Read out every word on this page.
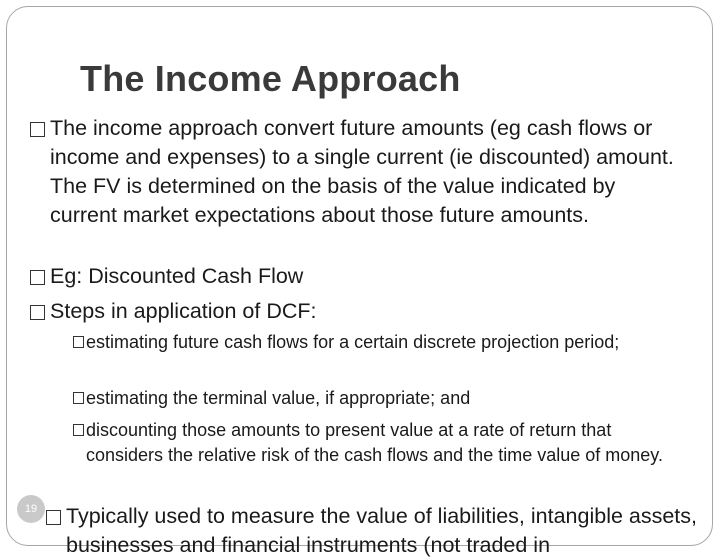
The Income Approach
The income approach convert future amounts (eg cash flows or income and expenses) to a single current (ie discounted) amount. The FV is determined on the basis of the value indicated by current market expectations about those future amounts.
Eg: Discounted Cash Flow
Steps in application of DCF:
estimating future cash flows for a certain discrete projection period;
estimating the terminal value, if appropriate; and
discounting those amounts to present value at a rate of return that considers the relative risk of the cash flows and the time value of money.
Typically used to measure the value of liabilities, intangible assets, businesses and financial instruments (not traded in
19
